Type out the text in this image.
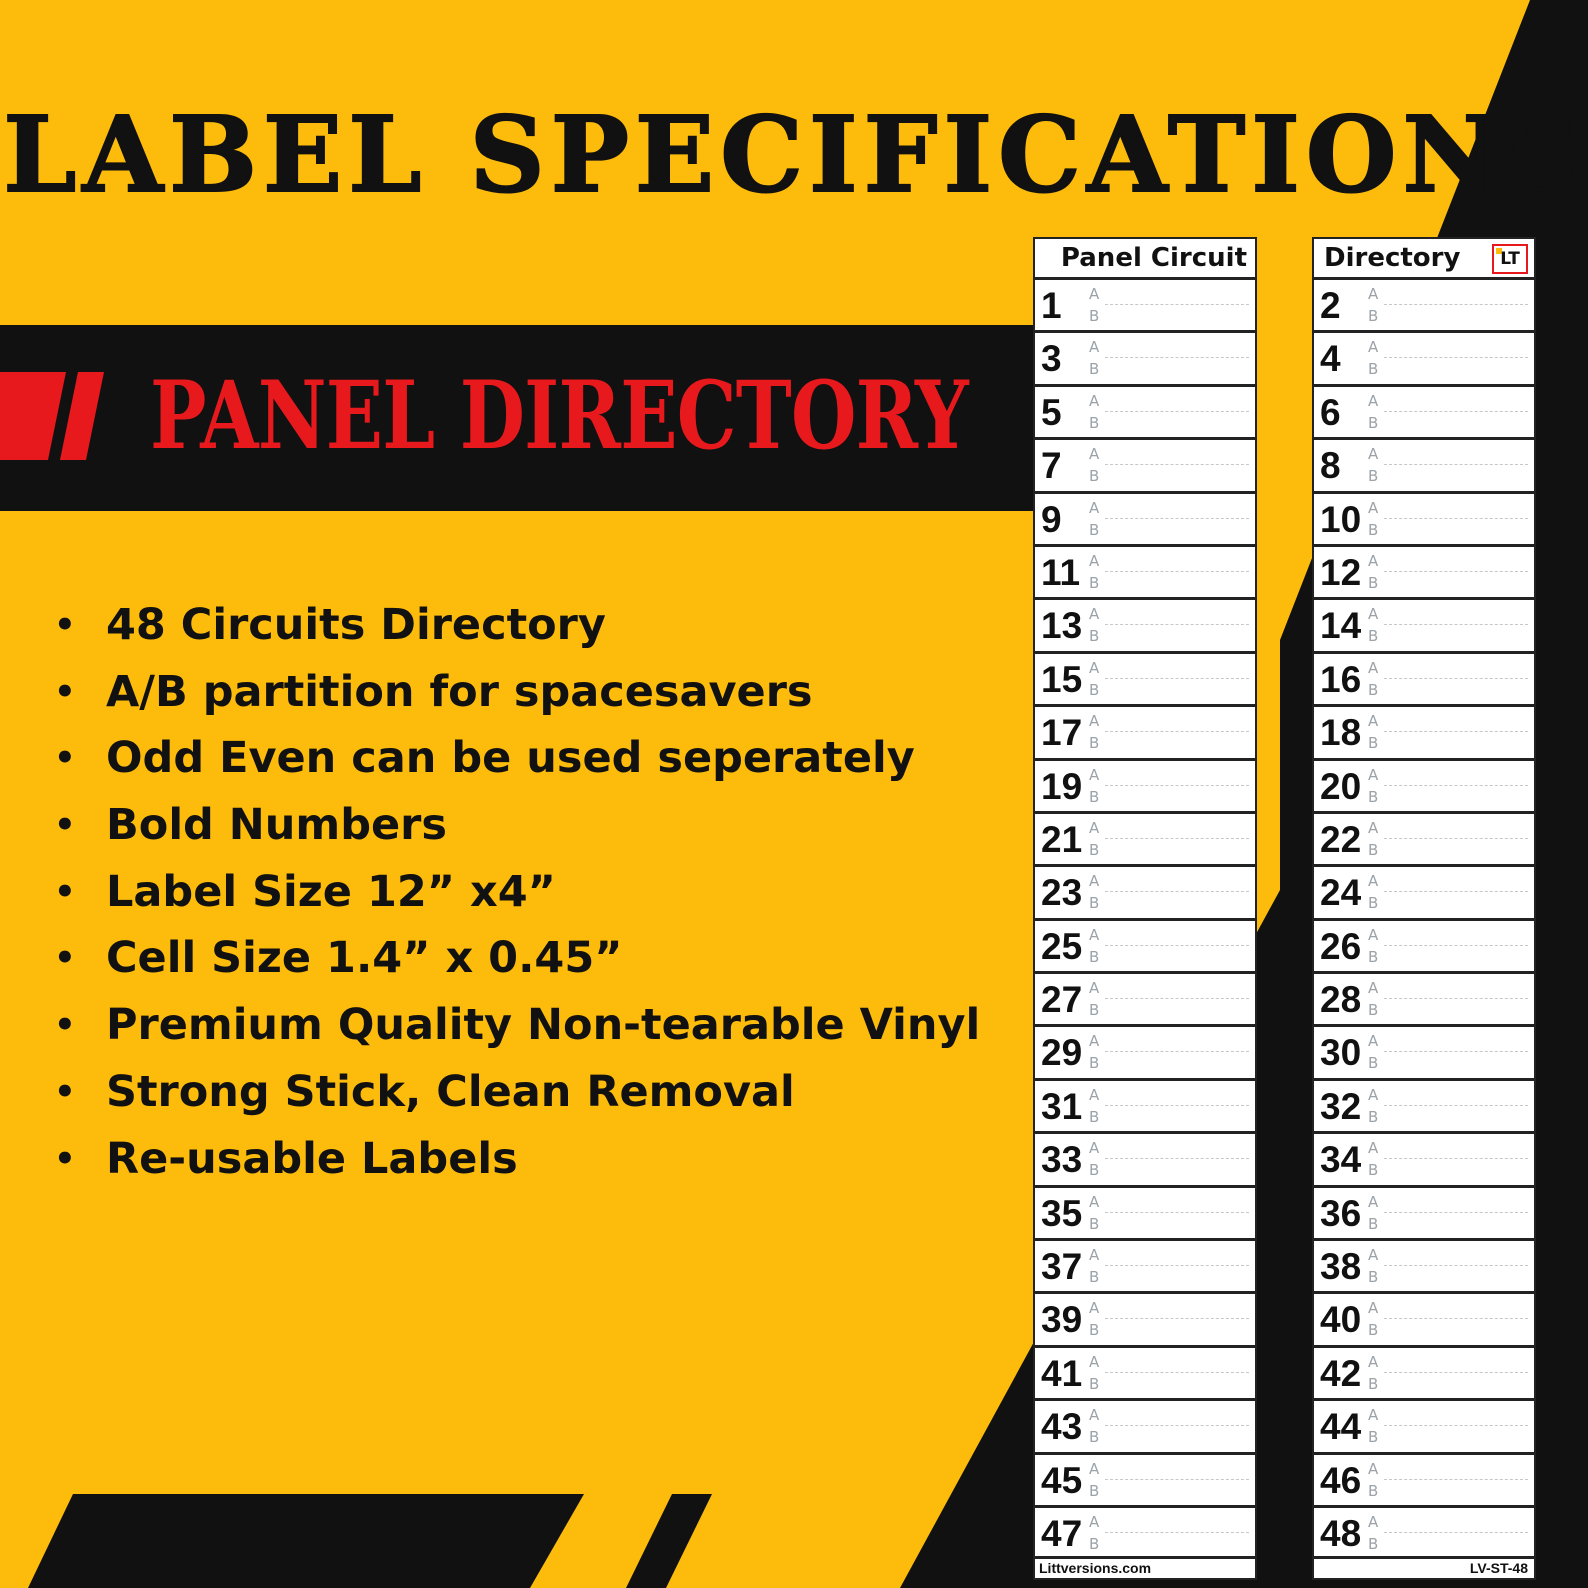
LABEL SPECIFICATIONS
PANEL DIRECTORY
• 48 Circuits Directory
• A/B partition for spacesavers
• Odd Even can be used seperately
• Bold Numbers
• Label Size 12” x4”
• Cell Size 1.4” x 0.45”
• Premium Quality Non-tearable Vinyl
• Strong Stick, Clean Removal
• Re-usable Labels
Panel Circuit
1 A
B
3 A
B
5 A
B
7 A
B
9 A
B
11 A
B
13 A
B
15 A
B
17 A
B
19 A
B
21 A
B
23 A
B
25 A
B
27 A
B
29 A
B
31 A
B
33 A
B
35 A
B
37 A
B
39 A
B
41 A
B
43 A
B
45 A
B
47 A
B
Littversions.com
Directory	LT
2 A
B
4 A
B
6 A
B
8 A
B
10 A
B
12 A
B
14 A
B
16 A
B
18 A
B
20 A
B
22 A
B
24 A
B
26 A
B
28 A
B
30 A
B
32 A
B
34 A
B
36 A
B
38 A
B
40 A
B
42 A
B
44 A
B
46 A
B
48 A
B
LV-ST-48
